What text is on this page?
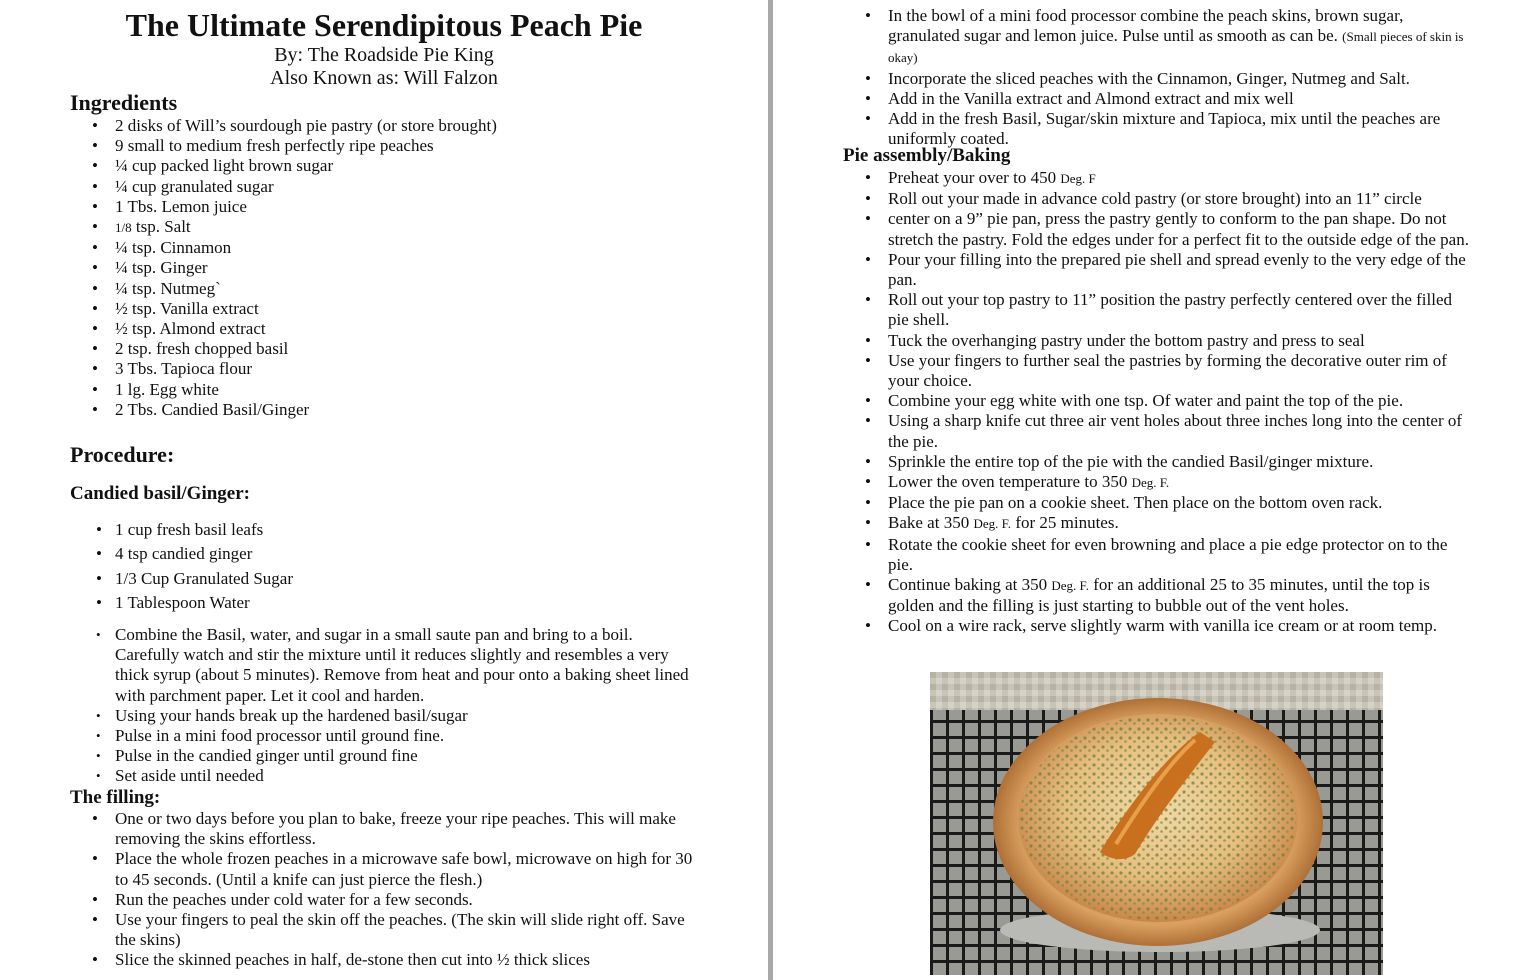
The Ultimate Serendipitous Peach Pie
By: The Roadside Pie King
Also Known as: Will Falzon
Ingredients
• 2 disks of Will’s sourdough pie pastry (or store brought)
• 9 small to medium fresh perfectly ripe peaches
• ¼ cup packed light brown sugar
• ¼ cup granulated sugar
• 1 Tbs. Lemon juice
• 1/8 tsp. Salt
• ¼ tsp. Cinnamon
• ¼ tsp. Ginger
• ¼ tsp. Nutmeg`
• ½ tsp. Vanilla extract
• ½ tsp. Almond extract
• 2 tsp. fresh chopped basil
• 3 Tbs. Tapioca flour
• 1 lg. Egg white
• 2 Tbs. Candied Basil/Ginger
Procedure:
Candied basil/Ginger:
• 1 cup fresh basil leafs
• 4 tsp candied ginger
• 1/3 Cup Granulated Sugar
• 1 Tablespoon Water
• Combine the Basil, water, and sugar in a small saute pan and bring to a boil. Carefully watch and stir the mixture until it reduces slightly and resembles a very thick syrup (about 5 minutes). Remove from heat and pour onto a baking sheet lined with parchment paper. Let it cool and harden.
• Using your hands break up the hardened basil/sugar
• Pulse in a mini food processor until ground fine.
• Pulse in the candied ginger until ground fine
• Set aside until needed
The filling:
• One or two days before you plan to bake, freeze your ripe peaches. This will make removing the skins effortless.
• Place the whole frozen peaches in a microwave safe bowl, microwave on high for 30 to 45 seconds. (Until a knife can just pierce the flesh.)
• Run the peaches under cold water for a few seconds.
• Use your fingers to peal the skin off the peaches. (The skin will slide right off. Save the skins)
• Slice the skinned peaches in half, de-stone then cut into ½ thick slices
• In the bowl of a mini food processor combine the peach skins, brown sugar, granulated sugar and lemon juice. Pulse until as smooth as can be. (Small pieces of skin is okay)
• Incorporate the sliced peaches with the Cinnamon, Ginger, Nutmeg and Salt.
• Add in the Vanilla extract and Almond extract and mix well
• Add in the fresh Basil, Sugar/skin mixture and Tapioca, mix until the peaches are uniformly coated.
Pie assembly/Baking
• Preheat your over to 450 Deg. F
• Roll out your made in advance cold pastry (or store brought) into an 11” circle
• center on a 9” pie pan, press the pastry gently to conform to the pan shape. Do not stretch the pastry. Fold the edges under for a perfect fit to the outside edge of the pan.
• Pour your filling into the prepared pie shell and spread evenly to the very edge of the pan.
• Roll out your top pastry to 11” position the pastry perfectly centered over the filled pie shell.
• Tuck the overhanging pastry under the bottom pastry and press to seal
• Use your fingers to further seal the pastries by forming the decorative outer rim of your choice.
• Combine your egg white with one tsp. Of water and paint the top of the pie.
• Using a sharp knife cut three air vent holes about three inches long into the center of the pie.
• Sprinkle the entire top of the pie with the candied Basil/ginger mixture.
• Lower the oven temperature to 350 Deg. F.
• Place the pie pan on a cookie sheet. Then place on the bottom oven rack.
• Bake at 350 Deg. F. for 25 minutes.
• Rotate the cookie sheet for even browning and place a pie edge protector on to the pie.
• Continue baking at 350 Deg. F. for an additional 25 to 35 minutes, until the top is golden and the filling is just starting to bubble out of the vent holes.
• Cool on a wire rack, serve slightly warm with vanilla ice cream or at room temp.
